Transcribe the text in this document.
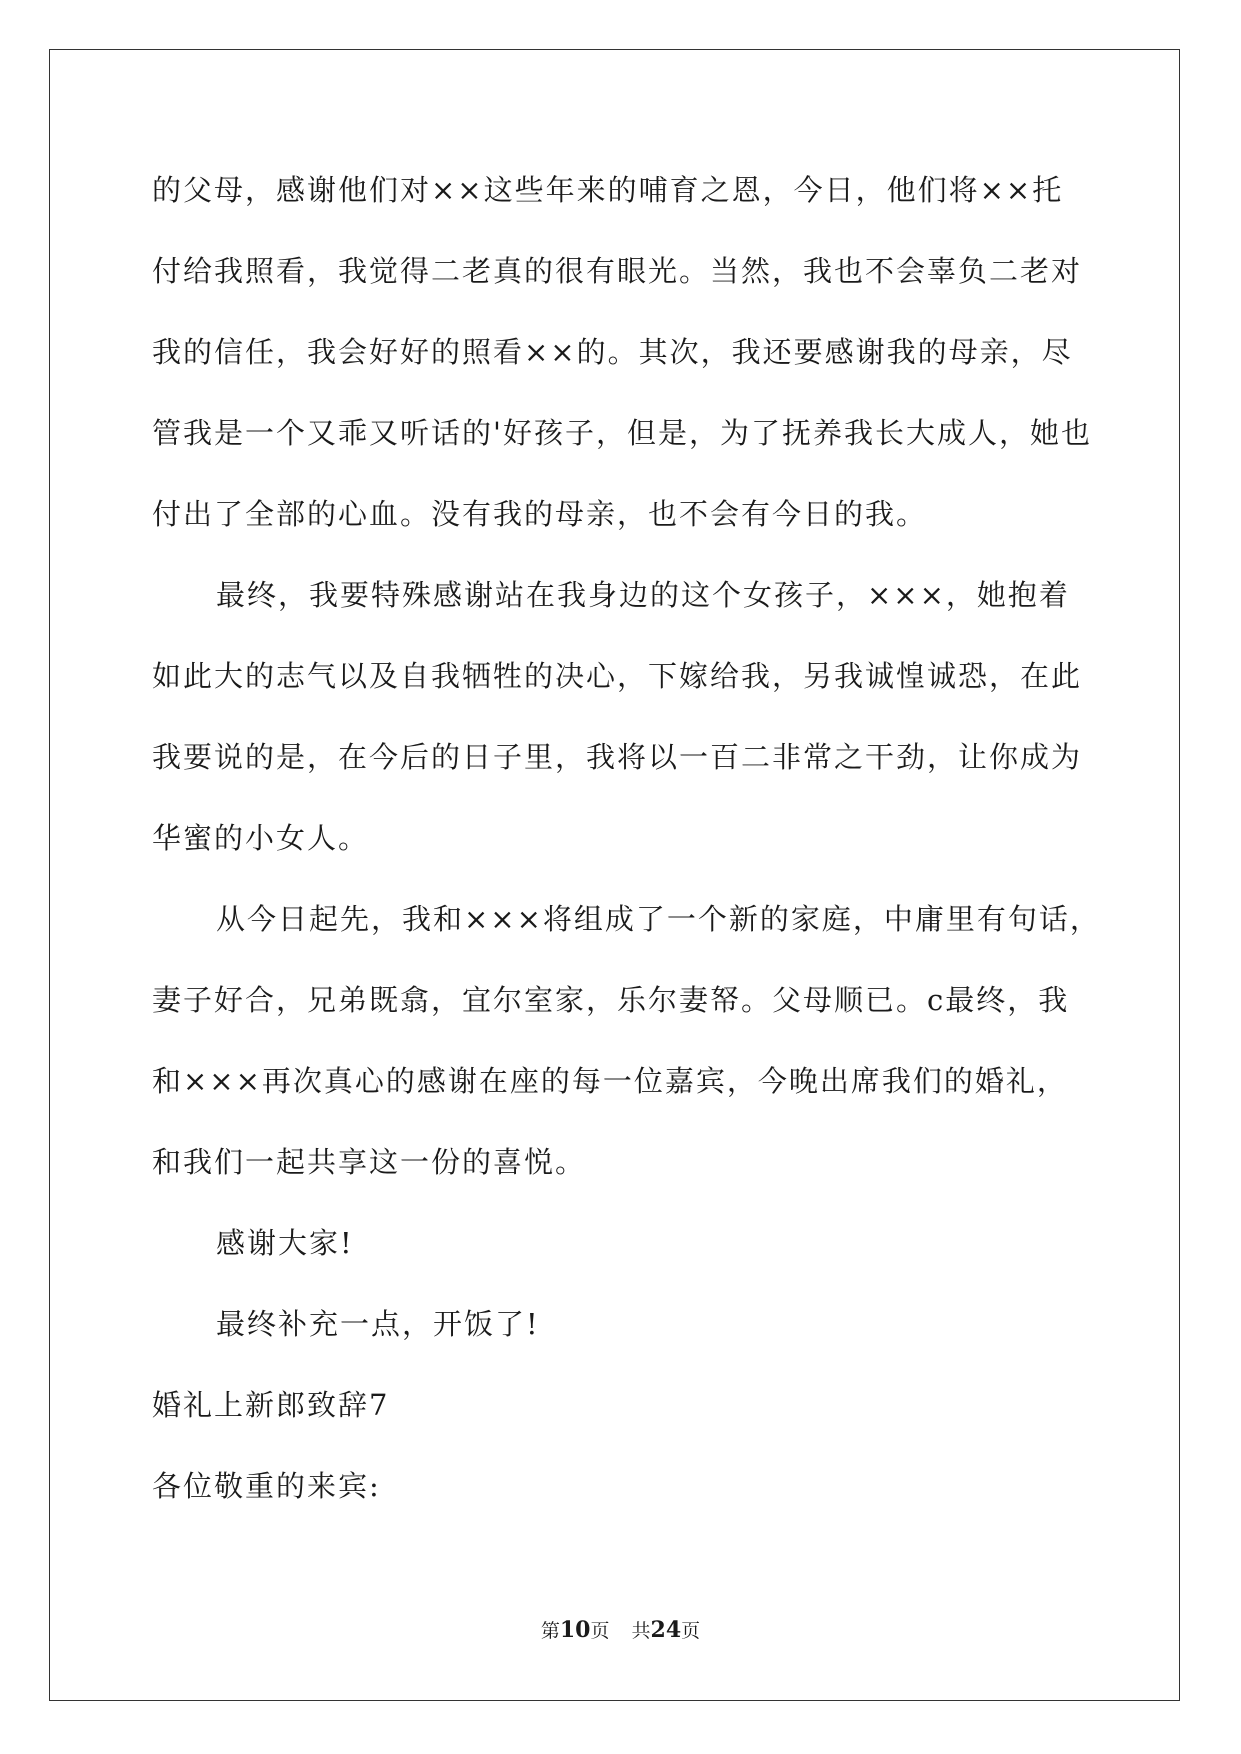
的父母，感谢他们对××这些年来的哺育之恩，今日，他们将××托
付给我照看，我觉得二老真的很有眼光。当然，我也不会辜负二老对
我的信任，我会好好的照看××的。其次，我还要感谢我的母亲，尽
管我是一个又乖又听话的'好孩子，但是，为了抚养我长大成人，她也
付出了全部的心血。没有我的母亲，也不会有今日的我。
最终，我要特殊感谢站在我身边的这个女孩子，×××，她抱着
如此大的志气以及自我牺牲的决心，下嫁给我，另我诚惶诚恐，在此
我要说的是，在今后的日子里，我将以一百二非常之干劲，让你成为
华蜜的小女人。
从今日起先，我和×××将组成了一个新的家庭，中庸里有句话，
妻子好合，兄弟既翕，宜尔室家，乐尔妻帑。父母顺已。c最终，我
和×××再次真心的感谢在座的每一位嘉宾，今晚出席我们的婚礼，
和我们一起共享这一份的喜悦。
感谢大家!
最终补充一点，开饭了!
婚礼上新郎致辞7
各位敬重的来宾:
第10页 共24页
